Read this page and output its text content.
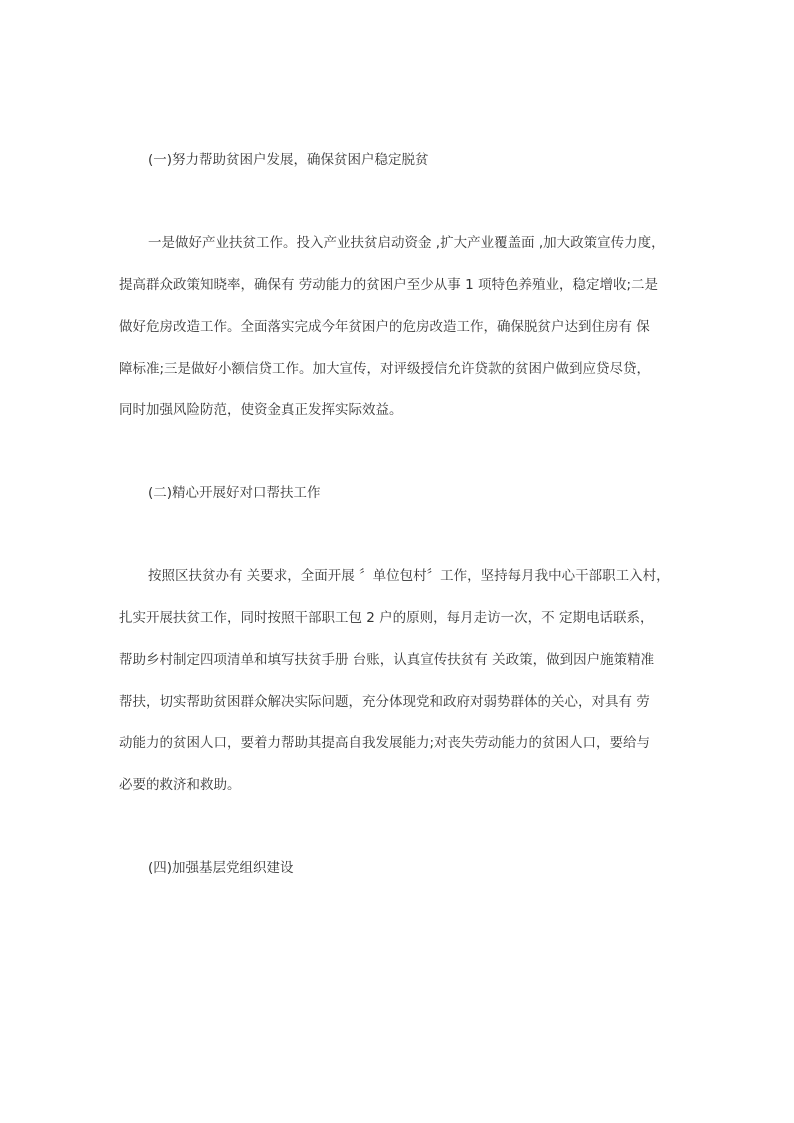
(一)努力帮助贫困户发展，确保贫困户稳定脱贫
一是做好产业扶贫工作。投入产业扶贫启动资金 ,扩大产业覆盖面 ,加大政策宣传力度，
提高群众政策知晓率，确保有 劳动能力的贫困户至少从事 1 项特色养殖业，稳定增收;二是
做好危房改造工作。全面落实完成今年贫困户的危房改造工作，确保脱贫户达到住房有 保
障标准;三是做好小额信贷工作。加大宣传，对评级授信允许贷款的贫困户做到应贷尽贷，
同时加强风险防范，使资金真正发挥实际效益。
(二)精心开展好对口帮扶工作
按照区扶贫办有 关要求，全面开展 〞单位包村〞工作，坚持每月我中心干部职工入村，
扎实开展扶贫工作，同时按照干部职工包 2 户的原则，每月走访一次，不 定期电话联系，
帮助乡村制定四项清单和填写扶贫手册 台账，认真宣传扶贫有 关政策，做到因户施策精准
帮扶，切实帮助贫困群众解决实际问题，充分体现党和政府对弱势群体的关心，对具有 劳
动能力的贫困人口，要着力帮助其提高自我发展能力;对丧失劳动能力的贫困人口，要给与
必要的救济和救助。
(四)加强基层党组织建设
